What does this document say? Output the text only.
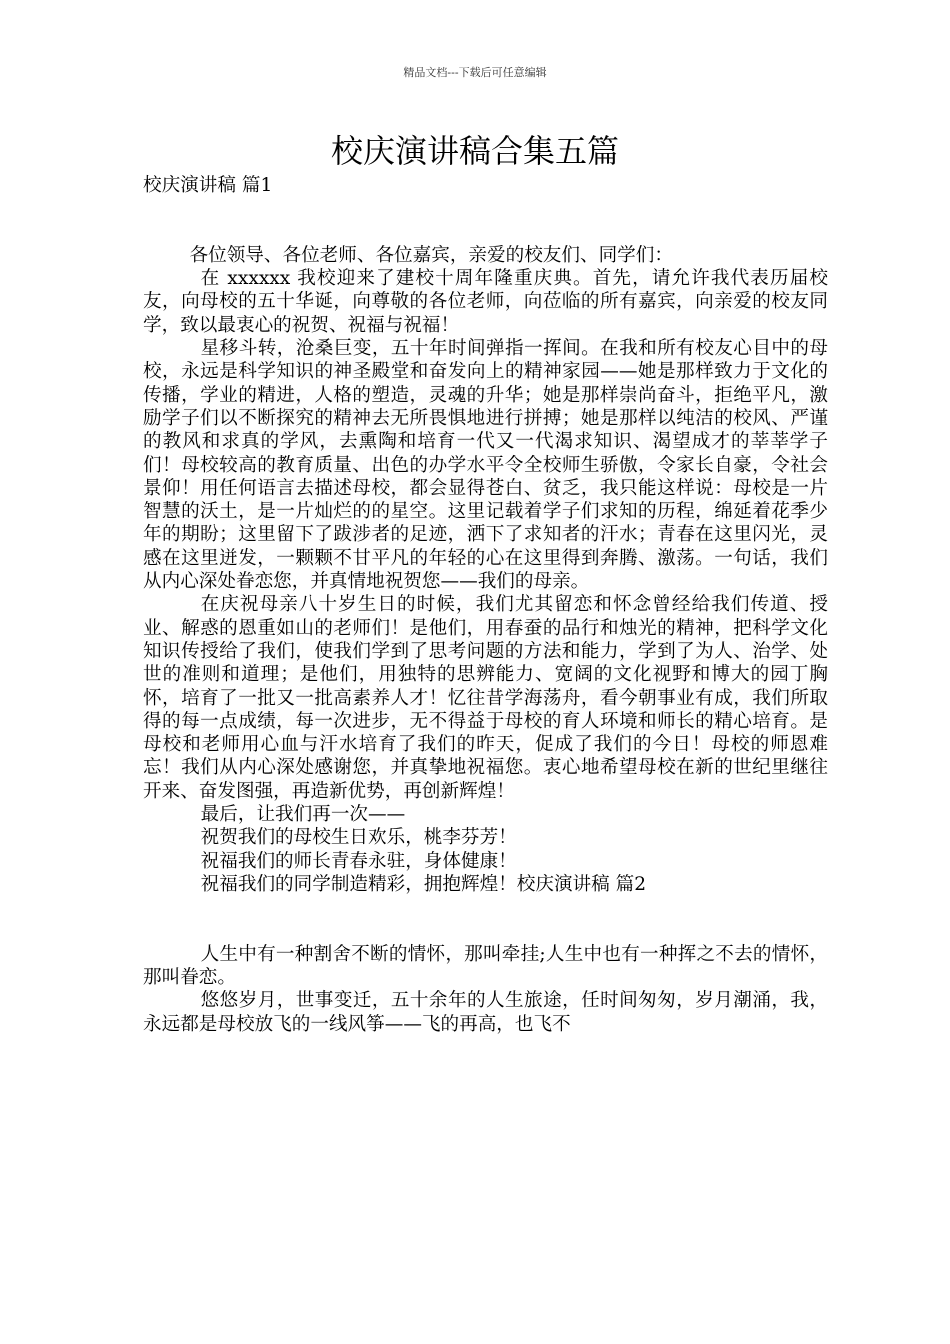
精品文档---下载后可任意编辑
校庆演讲稿合集五篇

校庆演讲稿 篇1

各位领导、各位老师、各位嘉宾，亲爱的校友们、同学们：

在 xxxxxx 我校迎来了建校十周年隆重庆典。首先，请允许我代表历届校友，向母校的五十华诞，向尊敬的各位老师，向莅临的所有嘉宾，向亲爱的校友同学，致以最衷心的祝贺、祝福与祝福！

星移斗转，沧桑巨变，五十年时间弹指一挥间。在我和所有校友心目中的母校，永远是科学知识的神圣殿堂和奋发向上的精神家园——她是那样致力于文化的传播，学业的精进，人格的塑造，灵魂的升华；她是那样崇尚奋斗，拒绝平凡，激励学子们以不断探究的精神去无所畏惧地进行拼搏；她是那样以纯洁的校风、严谨的教风和求真的学风，去熏陶和培育一代又一代渴求知识、渴望成才的莘莘学子们！母校较高的教育质量、出色的办学水平令全校师生骄傲，令家长自豪，令社会景仰！用任何语言去描述母校，都会显得苍白、贫乏，我只能这样说：母校是一片智慧的沃土，是一片灿烂的的星空。这里记载着学子们求知的历程，绵延着花季少年的期盼；这里留下了跋涉者的足迹，洒下了求知者的汗水；青春在这里闪光，灵感在这里迸发，一颗颗不甘平凡的年轻的心在这里得到奔腾、激荡。一句话，我们从内心深处眷恋您，并真情地祝贺您——我们的母亲。

在庆祝母亲八十岁生日的时候，我们尤其留恋和怀念曾经给我们传道、授业、解惑的恩重如山的老师们！是他们，用春蚕的品行和烛光的精神，把科学文化知识传授给了我们，使我们学到了思考问题的方法和能力，学到了为人、治学、处世的准则和道理；是他们，用独特的思辨能力、宽阔的文化视野和博大的园丁胸怀，培育了一批又一批高素养人才！忆往昔学海荡舟，看今朝事业有成，我们所取得的每一点成绩，每一次进步，无不得益于母校的育人环境和师长的精心培育。是母校和老师用心血与汗水培育了我们的昨天，促成了我们的今日！母校的师恩难忘！我们从内心深处感谢您，并真挚地祝福您。衷心地希望母校在新的世纪里继往开来、奋发图强，再造新优势，再创新辉煌！

最后，让我们再一次——

祝贺我们的母校生日欢乐，桃李芬芳！

祝福我们的师长青春永驻，身体健康！

祝福我们的同学制造精彩，拥抱辉煌！校庆演讲稿 篇2

人生中有一种割舍不断的情怀，那叫牵挂;人生中也有一种挥之不去的情怀，那叫眷恋。

悠悠岁月，世事变迁，五十余年的人生旅途，任时间匆匆，岁月潮涌，我，永远都是母校放飞的一线风筝——飞的再高，也飞不
